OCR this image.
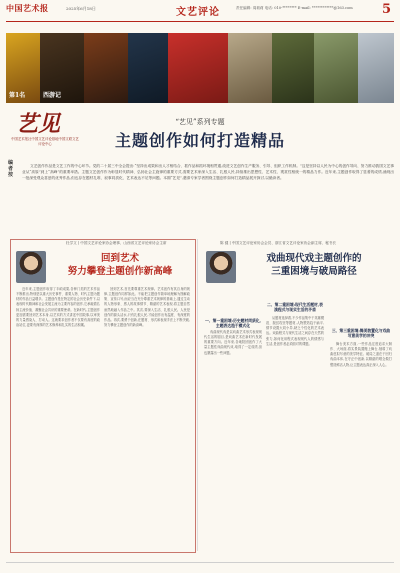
中国艺术报	2025年6月18日	文艺评论	责任编辑: 周莉莉 电话: 010-******** E-mail: ************@163.com	5
第1名	西游记
艺见
中国艺术报社中国文艺评论基地中国文联文艺评论中心
“艺见”系列专题
主题创作如何打造精品
编者按
文艺创作作品是文艺工作的中心环节。党的二十届三中全会提出:“坚持出成果和出人才相结合、抓作品和抓环境相贯通,改进文艺创作生产服务、引导、组织工作机制。”这是坚持以人民为中心的创作导向、努力推动我国文艺事业从“高原”到上“高峰”的重要举措。主题文艺创作作为彰显时代精神、弘扬社会主旋律的重要方式,需要艺术家深入生活、扎根人民,持续推出思想性、艺术性、观赏性相统一的精品力作。近年来,主题创作取得了显著的成绩,涌现出一批深受观众喜爱的优秀作品,但也存在题材扎堆、叙事同质化、艺术表达不足等问题。本期“艺见”,邀请专家学者围绕主题创作如何打造精品展开探讨,以飨读者。
杜学文 | 中国文艺评论家协会理事、山西省文艺评论家协会主席
回到艺术
努力攀登主题创作新高峰
近年来,主题创作取得了丰硕成果,各种门类的艺术作品不断推出,特别是以重大历史事件、重要人物、时代主题为题材的作品日益增多。主题创作是在特定的社会历史条件下,以表现时代精神和社会发展主流为主要内容的创作,它承载着弘扬主流价值、凝聚社会共识的重要使命。在新时代,主题创作更加需要回到艺术本身,以艺术的方式讲述中国故事,以审美的力量感染人、打动人。这就要求创作者不仅要有高度的政治站位,更要有深厚的艺术修养和扎实的生活积累。
回到艺术,首先要尊重艺术规律。艺术创作有其自身的规律,主题创作同样如此。不能把主题创作简单地理解为图解政策、宣传口号,而应当在充分尊重艺术规律的基础上,通过生动的人物形象、感人的故事情节、精湛的艺术表现,将主题自然而然地融入作品之中。其次,要深入生活、扎根人民。人民是创作的源头活水,只有扎根人民,才能创作出有温度、有深度的作品。再次,要勇于创新,在题材、形式和表现手法上不断突破,努力攀登主题创作的新高峰。
陈 健 | 中国文艺评论家协会会员、浙江省文艺评论家协会副主席、秘书长
戏曲现代戏主题创作的
三重困境与破局路径
戏曲现代戏是以戏曲艺术形式表现现代生活的剧目,是戏曲艺术在新时代发展的重要方向。近年来,各地院团创作了大量主题性戏曲现代戏,取得了一定成绩,但也暴露出一些问题。
一、第一重困境:历史题材同质化,主题表达趋于模式化
从题材选择看,不少作品集中于英雄模范、脱贫攻坚等题材,人物塑造趋于扁平,情节设置大同小异,缺乏个性化的艺术表达。戏曲程式与现代生活之间存在天然的张力,如何化用程式表现现代人的情感与生活,是创作者必须面对的课题。
二、第二重困境:现代生活题材,表演程式与现实生活的矛盾
舞台美术方面,一些作品过度追求大制作、大场面,将实景装置搬上舞台,削弱了戏曲虚拟写意的美学特征。破局之道在于回归戏曲本体,在守正中创新,以精湛的唱念做打塑造鲜活人物,让主题表达真正深入人心。
三、第三重困境:舞美装置化与戏曲写意美学的冲突
